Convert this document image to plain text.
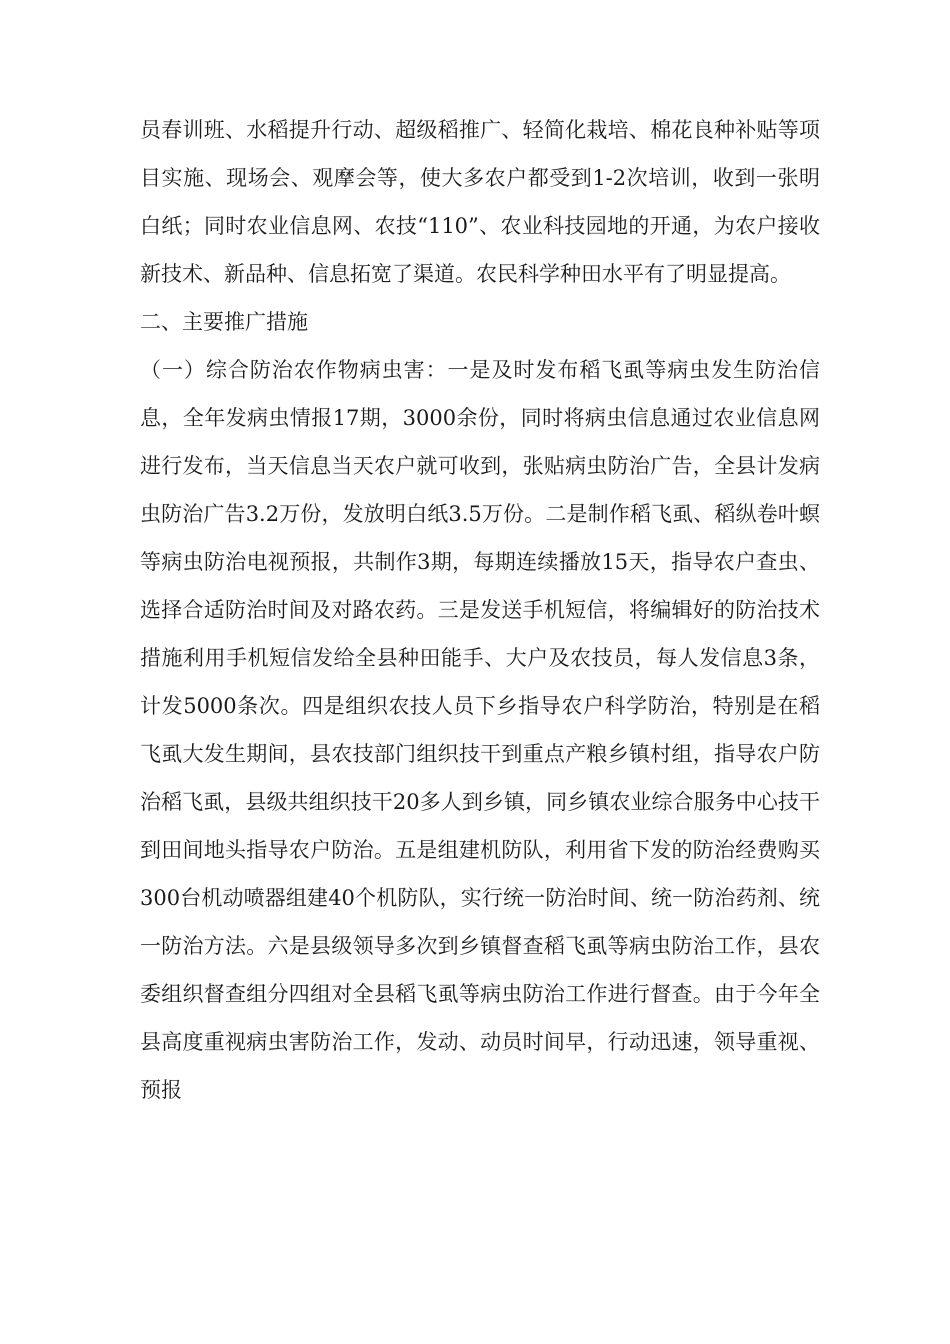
员春训班、水稻提升行动、超级稻推广、轻简化栽培、棉花良种补贴等项目实施、现场会、观摩会等，使大多农户都受到1-2次培训，收到一张明白纸；同时农业信息网、农技“110”、农业科技园地的开通，为农户接收新技术、新品种、信息拓宽了渠道。农民科学种田水平有了明显提高。

二、主要推广措施

（一）综合防治农作物病虫害：一是及时发布稻飞虱等病虫发生防治信息，全年发病虫情报17期，3000余份，同时将病虫信息通过农业信息网进行发布，当天信息当天农户就可收到，张贴病虫防治广告，全县计发病虫防治广告3.2万份，发放明白纸3.5万份。二是制作稻飞虱、稻纵卷叶螟等病虫防治电视预报，共制作3期，每期连续播放15天，指导农户查虫、选择合适防治时间及对路农药。三是发送手机短信，将编辑好的防治技术措施利用手机短信发给全县种田能手、大户及农技员，每人发信息3条，计发5000条次。四是组织农技人员下乡指导农户科学防治，特别是在稻飞虱大发生期间，县农技部门组织技干到重点产粮乡镇村组，指导农户防治稻飞虱，县级共组织技干20多人到乡镇，同乡镇农业综合服务中心技干到田间地头指导农户防治。五是组建机防队，利用省下发的防治经费购买300台机动喷器组建40个机防队，实行统一防治时间、统一防治药剂、统一防治方法。六是县级领导多次到乡镇督查稻飞虱等病虫防治工作，县农委组织督查组分四组对全县稻飞虱等病虫防治工作进行督查。由于今年全县高度重视病虫害防治工作，发动、动员时间早，行动迅速，领导重视、预报
